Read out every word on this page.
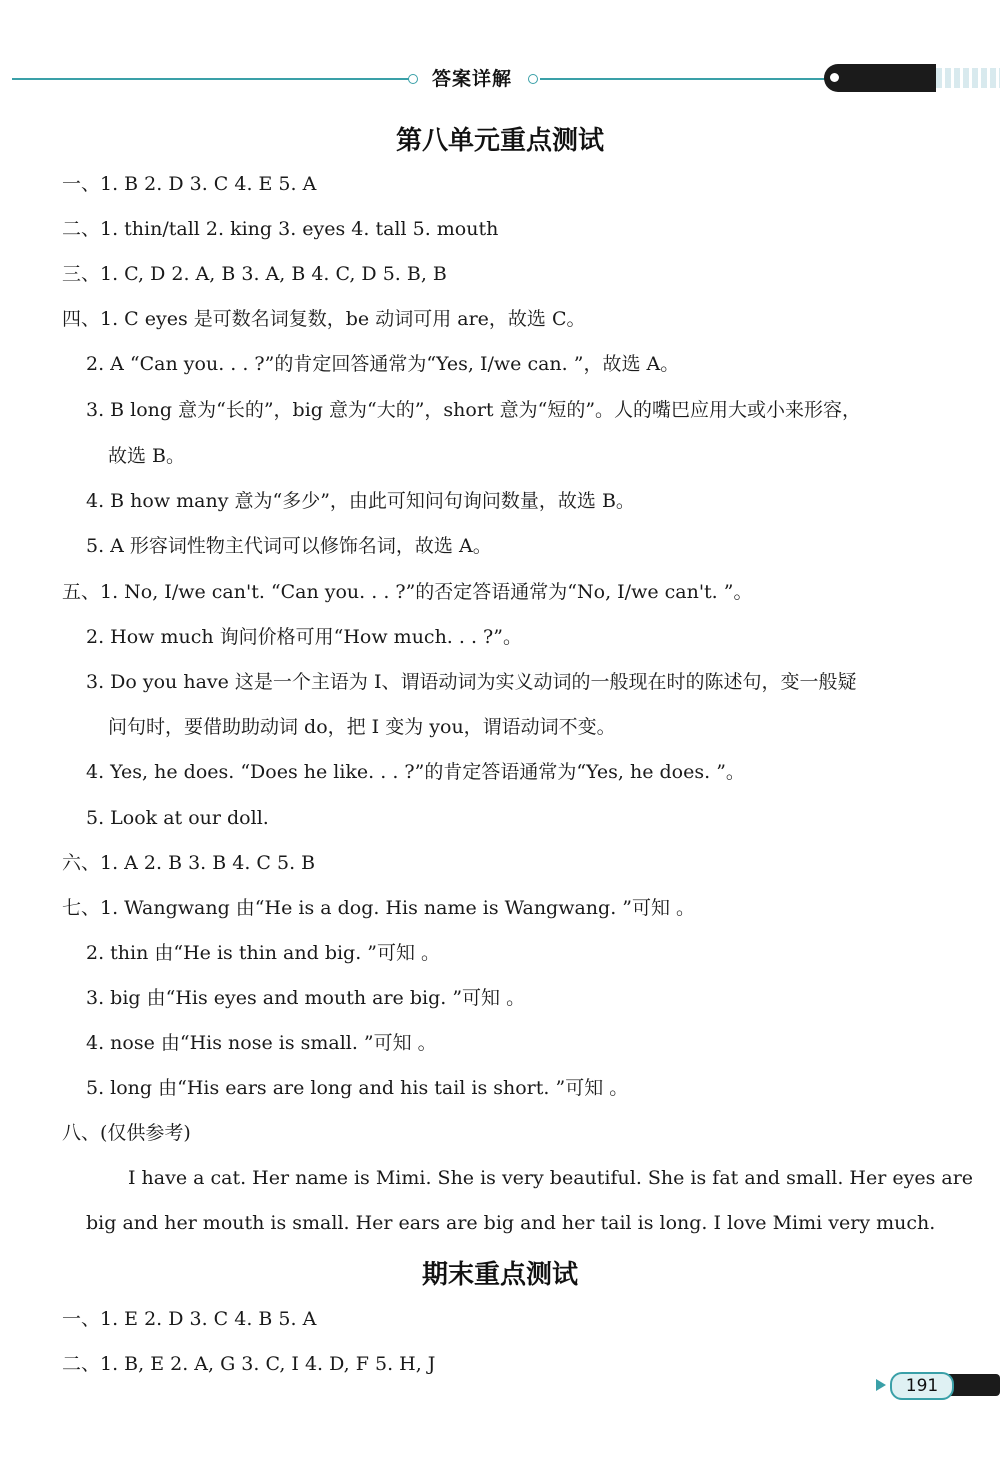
答案详解
第八单元重点测试
一、1. B 2. D 3. C 4. E 5. A
二、1. thin/tall 2. king 3. eyes 4. tall 5. mouth
三、1. C, D 2. A, B 3. A, B 4. C, D 5. B, B
四、1. C eyes 是可数名词复数，be 动词可用 are，故选 C。
2. A “Can you. . . ?”的肯定回答通常为“Yes, I/we can. ”，故选 A。
3. B long 意为“长的”，big 意为“大的”，short 意为“短的”。人的嘴巴应用大或小来形容，
故选 B。
4. B how many 意为“多少”，由此可知问句询问数量，故选 B。
5. A 形容词性物主代词可以修饰名词，故选 A。
五、1. No, I/we can't. “Can you. . . ?”的否定答语通常为“No, I/we can't. ”。
2. How much 询问价格可用“How much. . . ?”。
3. Do you have 这是一个主语为 I、谓语动词为实义动词的一般现在时的陈述句，变一般疑
问句时，要借助助动词 do，把 I 变为 you，谓语动词不变。
4. Yes, he does. “Does he like. . . ?”的肯定答语通常为“Yes, he does. ”。
5. Look at our doll.
六、1. A 2. B 3. B 4. C 5. B
七、1. Wangwang 由“He is a dog. His name is Wangwang. ”可知 。
2. thin 由“He is thin and big. ”可知 。
3. big 由“His eyes and mouth are big. ”可知 。
4. nose 由“His nose is small. ”可知 。
5. long 由“His ears are long and his tail is short. ”可知 。
八、(仅供参考)
I have a cat. Her name is Mimi. She is very beautiful. She is fat and small. Her eyes are
big and her mouth is small. Her ears are big and her tail is long. I love Mimi very much.
期末重点测试
一、1. E 2. D 3. C 4. B 5. A
二、1. B, E 2. A, G 3. C, I 4. D, F 5. H, J
191
